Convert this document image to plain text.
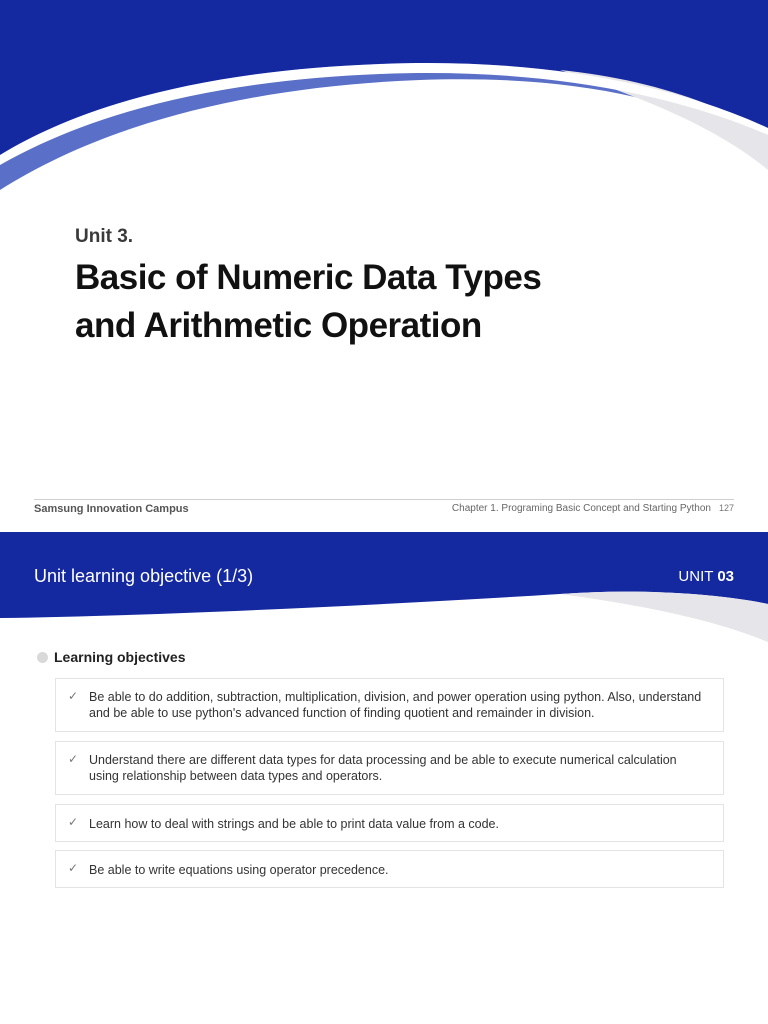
Unit 3.
Basic of Numeric Data Types
and Arithmetic Operation
Samsung Innovation Campus	Chapter 1. Programing Basic Concept and Starting Python 127
Unit learning objective (1/3)	UNIT 03
Learning objectives
✓ Be able to do addition, subtraction, multiplication, division, and power operation using python. Also, understand and be able to use python's advanced function of finding quotient and remainder in division.
✓ Understand there are different data types for data processing and be able to execute numerical calculation using relationship between data types and operators.
✓ Learn how to deal with strings and be able to print data value from a code.
✓ Be able to write equations using operator precedence.
